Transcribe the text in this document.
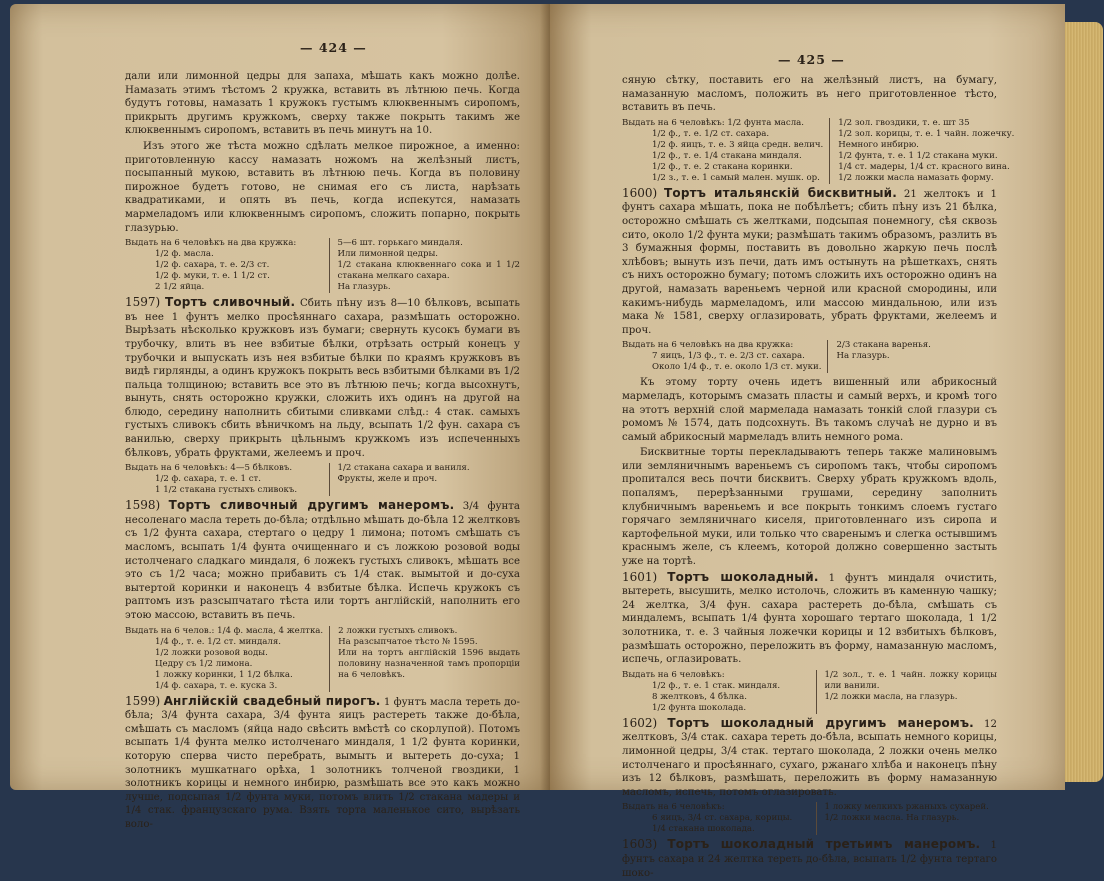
— 424 —

дали или лимонной цедры для запаха, мѣшать какъ можно долѣе. Намазать этимъ тѣстомъ 2 кружка, вставить въ лѣтнюю печь. Когда будутъ готовы, намазать 1 кружокъ густымъ клюквеннымъ сиропомъ, прикрыть другимъ кружкомъ, сверху также покрыть такимъ же клюквеннымъ сиропомъ, вставить въ печь минутъ на 10.

Изъ этого же тѣста можно сдѣлать мелкое пирожное, а именно: приготовленную кассу намазать ножомъ на желѣзный листъ, посыпанный мукою, вставить въ лѣтнюю печь. Когда въ половину пирожное будетъ готово, не снимая его съ листа, нарѣзать квадратиками, и опять въ печь, когда испекутся, намазать мармеладомъ или клюквеннымъ сиропомъ, сложить попарно, покрыть глазурью.

Выдать на 6 человѣкъ на два кружка:
1/2 ф. масла.
1/2 ф. сахара, т. е. 2/3 ст.
1/2 ф. муки, т. е. 1 1/2 ст.
2 1/2 яйца.
5—6 шт. горькаго миндаля.
Или лимонной цедры.
1/2 стакана клюквеннаго сока и 1 1/2 стакана мелкаго сахара.
На глазурь.

1597) Тортъ сливочный. Сбить пѣну изъ 8—10 бѣлковъ, всыпать въ нее 1 фунтъ мелко просѣяннаго сахара, размѣшать осторожно. Вырѣзать нѣсколько кружковъ изъ бумаги; свернуть кусокъ бумаги въ трубочку, влить въ нее взбитые бѣлки, отрѣзать острый конецъ у трубочки и выпускать изъ нея взбитые бѣлки по краямъ кружковъ въ видѣ гирлянды, а одинъ кружокъ покрыть весь взбитыми бѣлками въ 1/2 пальца толщиною; вставить все это въ лѣтнюю печь; когда высохнутъ, вынуть, снять осторожно кружки, сложить ихъ одинъ на другой на блюдо, середину наполнить сбитыми сливками слѣд.: 4 стак. самыхъ густыхъ сливокъ сбить вѣничкомъ на льду, всыпать 1/2 фун. сахара съ ванилью, сверху прикрыть цѣльнымъ кружкомъ изъ испеченныхъ бѣлковъ, убрать фруктами, желеемъ и проч.

Выдать на 6 человѣкъ: 4—5 бѣлковъ.
1/2 ф. сахара, т. е. 1 ст.
1 1/2 стакана густыхъ сливокъ.
1/2 стакана сахара и ваниля.
Фрукты, желе и проч.

1598) Тортъ сливочный другимъ манеромъ. 3/4 фунта несоленаго масла тереть до-бѣла; отдѣльно мѣшать до-бѣла 12 желтковъ съ 1/2 фунта сахара, стертаго о цедру 1 лимона; потомъ смѣшать съ масломъ, всыпать 1/4 фунта очищеннаго и съ ложкою розовой воды истолченаго сладкаго миндаля, 6 ложекъ густыхъ сливокъ, мѣшать все это съ 1/2 часа; можно прибавить съ 1/4 стак. вымытой и до-суха вытертой коринки и наконецъ 4 взбитые бѣлка. Испечь кружокъ съ раптомъ изъ разсыпчатаго тѣста или тортъ англійскій, наполнить его этою массою, вставить въ печь.

Выдать на 6 челов.: 1/4 ф. масла, 4 желтка.
1/4 ф., т. е. 1/2 ст. миндаля.
1/2 ложки розовой воды.
Цедру съ 1/2 лимона.
1 ложку коринки, 1 1/2 бѣлка.
1/4 ф. сахара, т. е. куска 3.
2 ложки густыхъ сливокъ.
На разсыпчатое тѣсто № 1595.
Или на тортъ англійскій 1596 выдать половину назначенной тамъ пропорціи на 6 человѣкъ.

1599) Англійскій свадебный пирогъ. 1 фунтъ масла тереть до-бѣла; 3/4 фунта сахара, 3/4 фунта яицъ растереть также до-бѣла, смѣшать съ масломъ (яйца надо свѣсить вмѣстѣ со скорлупой). Потомъ всыпать 1/4 фунта мелко истолченаго миндаля, 1 1/2 фунта коринки, которую сперва чисто перебрать, вымыть и вытереть до-суха; 1 золотникъ мушкатнаго орѣха, 1 золотникъ толченой гвоздики, 1 золотникъ корицы и немного инбирю, размѣшать все это какъ можно лучше, подсыпая 1/2 фунта муки, потомъ влить 1/2 стакана мадеры и 1/4 стак. французскаго рума. Взять торта маленькое сито, вырѣзать воло-

— 425 —

сяную сѣтку, поставить его на желѣзный листъ, на бумагу, намазанную масломъ, положить въ него приготовленное тѣсто, вставить въ печь.

Выдать на 6 человѣкъ: 1/2 фунта масла.
1/2 ф., т. е. 1/2 ст. сахара.
1/2 ф. яицъ, т. е. 3 яйца средн. велич.
1/2 ф., т. е. 1/4 стакана миндаля.
1/2 ф., т. е. 2 стакана коринки.
1/2 з., т. е. 1 самый мален. мушк. ор.
1/2 зол. гвоздики, т. е. шт 35
1/2 зол. корицы, т. е. 1 чайн. ложечку.
Немного инбирю.
1/2 фунта, т. е. 1 1/2 стакана муки.
1/4 ст. мадеры, 1/4 ст. красного вина.
1/2 ложки масла намазать форму.

1600) Тортъ итальянскій бисквитный. 21 желтокъ и 1 фунтъ сахара мѣшать, пока не побѣлѣетъ; сбить пѣну изъ 21 бѣлка, осторожно смѣшать съ желтками, подсыпая понемногу, сѣя сквозь сито, около 1/2 фунта муки; размѣшать такимъ образомъ, разлить въ 3 бумажныя формы, поставить въ довольно жаркую печь послѣ хлѣбовъ; вынуть изъ печи, дать имъ остынуть на рѣшеткахъ, снять съ нихъ осторожно бумагу; потомъ сложить ихъ осторожно одинъ на другой, намазать вареньемъ черной или красной смородины, или какимъ-нибудь мармеладомъ, или массою миндальною, или изъ мака № 1581, сверху оглазировать, убрать фруктами, желеемъ и проч.

Выдать на 6 человѣкъ на два кружка:
7 яицъ, 1/3 ф., т. е. 2/3 ст. сахара.
Около 1/4 ф., т. е. около 1/3 ст. муки.
2/3 стакана варенья.
На глазурь.

Къ этому торту очень идетъ вишенный или абрикосный мармеладъ, которымъ смазать пласты и самый верхъ, и кромѣ того на этотъ верхній слой мармелада намазать тонкій слой глазури съ ромомъ № 1574, дать подсохнуть. Въ такомъ случаѣ не дурно и въ самый абрикосный мармеладъ влить немного рома.

Бисквитные торты перекладываютъ теперь также малиновымъ или земляничнымъ вареньемъ съ сиропомъ такъ, чтобы сиропомъ пропитался весь почти бисквитъ. Сверху убрать кружкомъ вдоль, попалямъ, перерѣзанными грушами, середину заполнить клубничнымъ вареньемъ и все покрыть тонкимъ слоемъ густаго горячаго земляничнаго киселя, приготовленнаго изъ сиропа и картофельной муки, или только что сваренымъ и слегка остывшимъ краснымъ желе, съ клеемъ, которой должно совершенно застыть уже на тортѣ.

1601) Тортъ шоколадный. 1 фунтъ миндаля очистить, вытереть, высушить, мелко истолочь, сложить въ каменную чашку; 24 желтка, 3/4 фун. сахара растереть до-бѣла, смѣшать съ миндалемъ, всыпать 1/4 фунта хорошаго тертаго шоколада, 1 1/2 золотника, т. е. 3 чайныя ложечки корицы и 12 взбитыхъ бѣлковъ, размѣшать осторожно, переложить въ форму, намазанную масломъ, испечь, оглазировать.

Выдать на 6 человѣкъ:
1/2 ф., т. е. 1 стак. миндаля.
8 желтковъ, 4 бѣлка.
1/2 фунта шоколада.
1/2 зол., т. е. 1 чайн. ложку корицы или ванили.
1/2 ложки масла, на глазурь.

1602) Тортъ шоколадный другимъ манеромъ. 12 желтковъ, 3/4 стак. сахара тереть до-бѣла, всыпать немного корицы, лимонной цедры, 3/4 стак. тертаго шоколада, 2 ложки очень мелко истолченаго и просѣяннаго, сухаго, ржанаго хлѣба и наконецъ пѣну изъ 12 бѣлковъ, размѣшать, переложить въ форму намазанную масломъ, испечь, потомъ оглазировать.

Выдать на 6 человѣкъ:
6 яицъ, 3/4 ст. сахара, корицы.
1/4 стакана шоколада.
1 ложку мелкихъ ржаныхъ сухарей.
1/2 ложки масла. На глазурь.

1603) Тортъ шоколадный третьимъ манеромъ. 1 фунтъ сахара и 24 желтка тереть до-бѣла, всыпать 1/2 фунта тертаго шоко-
